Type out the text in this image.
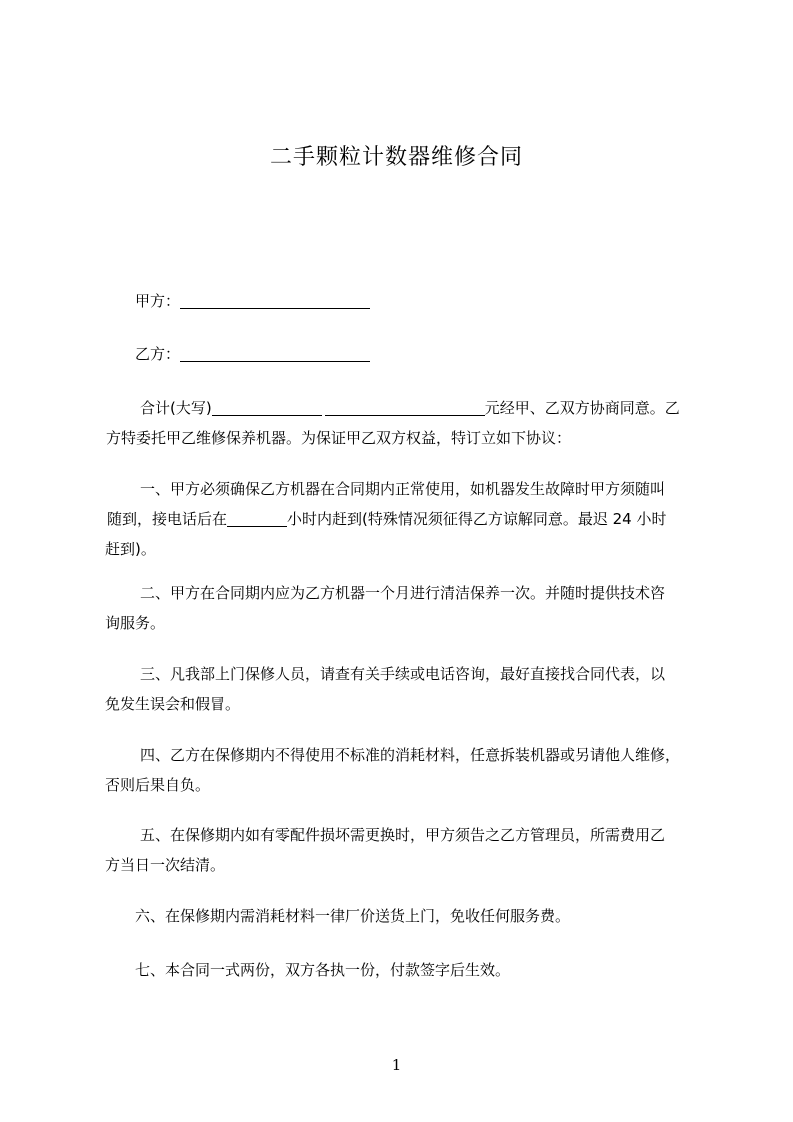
二手颗粒计数器维修合同
甲方：
乙方：
合计(大写)	元经甲、乙双方协商同意。乙
方特委托甲乙维修保养机器。为保证甲乙双方权益，特订立如下协议：
一、甲方必须确保乙方机器在合同期内正常使用，如机器发生故障时甲方须随叫
随到，接电话后在	小时内赶到(特殊情况须征得乙方谅解同意。最迟 24 小时
赶到)。
二、甲方在合同期内应为乙方机器一个月进行清洁保养一次。并随时提供技术咨
询服务。
三、凡我部上门保修人员，请查有关手续或电话咨询，最好直接找合同代表，以
免发生误会和假冒。
四、乙方在保修期内不得使用不标准的消耗材料，任意拆装机器或另请他人维修，
否则后果自负。
五、在保修期内如有零配件损坏需更换时，甲方须告之乙方管理员，所需费用乙
方当日一次结清。
六、在保修期内需消耗材料一律厂价送货上门，免收任何服务费。
七、本合同一式两份，双方各执一份，付款签字后生效。
1
